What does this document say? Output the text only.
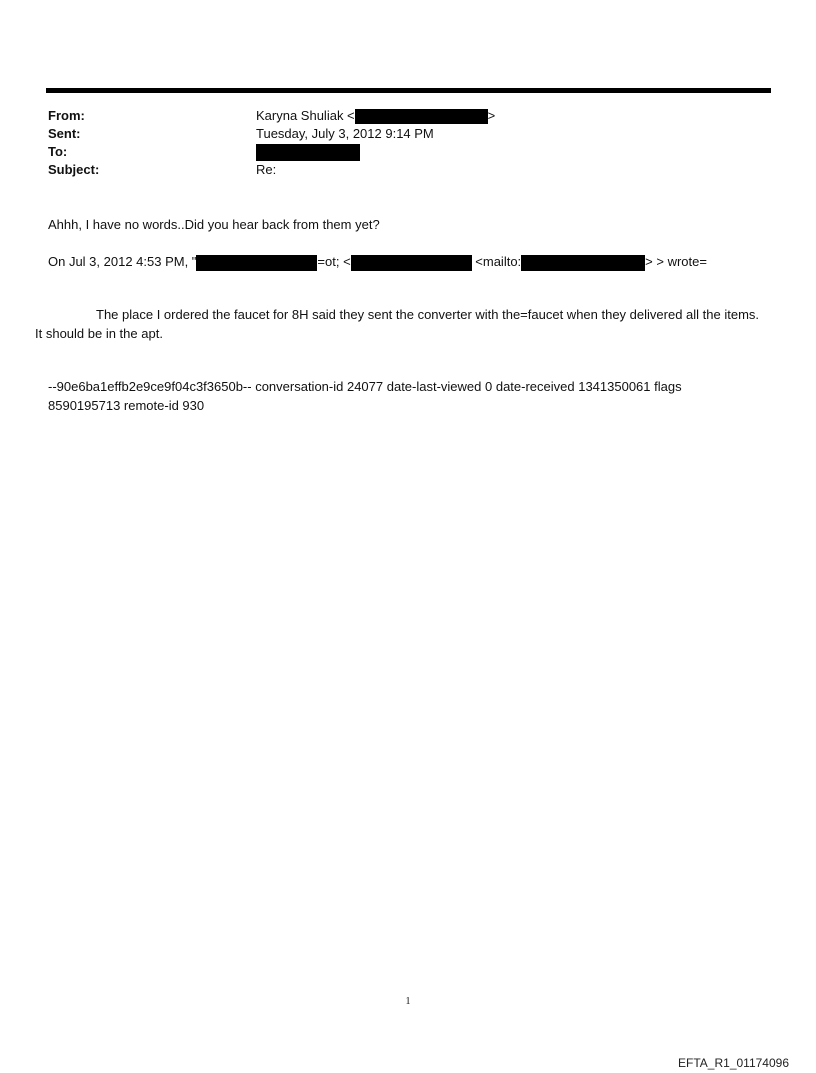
From:	Karyna Shuliak <	>
Sent:	Tuesday, July 3, 2012 9:14 PM
To:
Subject:	Re:
Ahhh, I have no words..Did you hear back from them yet?
On Jul 3, 2012 4:53 PM, "	=ot; <	<mailto:	> > wrote=
The place I ordered the faucet for 8H said they sent the converter with the=faucet when they delivered all the items. It should be in the apt.
--90e6ba1effb2e9ce9f04c3f3650b-- conversation-id 24077 date-last-viewed 0 date-received 1341350061 flags 8590195713 remote-id 930
1
EFTA_R1_01174096
